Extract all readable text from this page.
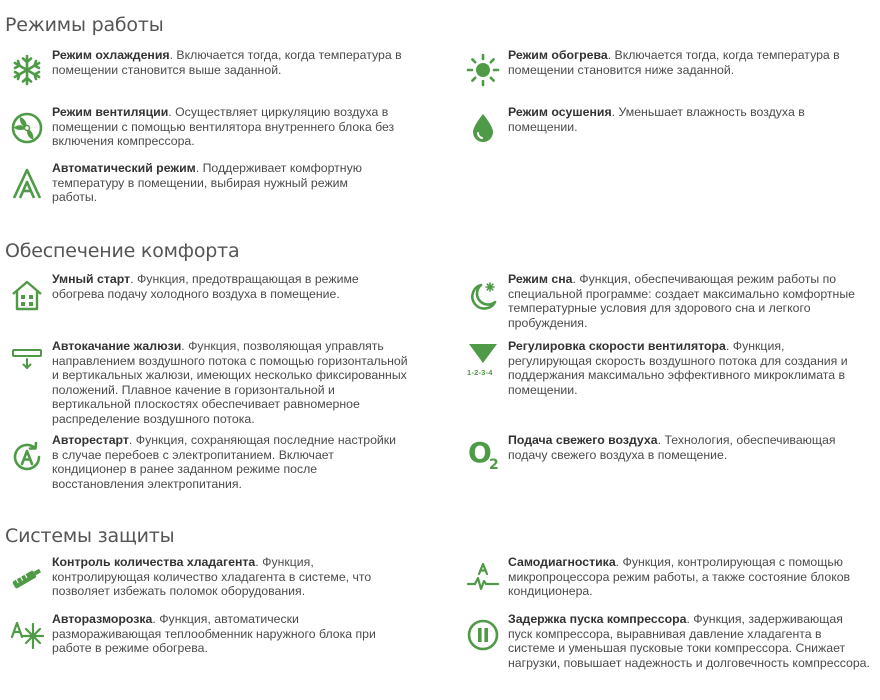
Режимы работы

Режим охлаждения. Включается тогда, когда температура в помещении становится выше заданной.

Режим обогрева. Включается тогда, когда температура в помещении становится ниже заданной.

Режим вентиляции. Осуществляет циркуляцию воздуха в помещении с помощью вентилятора внутреннего блока без включения компрессора.

Режим осушения. Уменьшает влажность воздуха в помещении.

Автоматический режим. Поддерживает комфортную температуру в помещении, выбирая нужный режим работы.

Обеспечение комфорта

Умный старт. Функция, предотвращающая в режиме обогрева подачу холодного воздуха в помещение.

Режим сна. Функция, обеспечивающая режим работы по специальной программе: создает максимально комфортные температурные условия для здорового сна и легкого пробуждения.

Автокачание жалюзи. Функция, позволяющая управлять направлением воздушного потока с помощью горизонтальной и вертикальных жалюзи, имеющих несколько фиксированных положений. Плавное качение в горизонтальной и вертикальной плоскостях обеспечивает равномерное распределение воздушного потока.

1-2-3-4

Регулировка скорости вентилятора. Функция, регулирующая скорость воздушного потока для создания и поддержания максимально эффективного микроклимата в помещении.

Авторестарт. Функция, сохраняющая последние настройки в случае перебоев с электропитанием. Включает кондиционер в ранее заданном режиме после восстановления электропитания.

O
2

Подача свежего воздуха. Технология, обеспечивающая подачу свежего воздуха в помещение.

Системы защиты

Контроль количества хладагента. Функция, контролирующая количество хладагента в системе, что позволяет избежать поломок оборудования.

Самодиагностика. Функция, контролирующая с помощью микропроцессора режим работы, а также состояние блоков кондиционера.

Авторазморозка. Функция, автоматически размораживающая теплообменник наружного блока при работе в режиме обогрева.

Задержка пуска компрессора. Функция, задерживающая пуск компрессора, выравнивая давление хладагента в системе и уменьшая пусковые токи компрессора. Снижает нагрузки, повышает надежность и долговечность компрессора.
